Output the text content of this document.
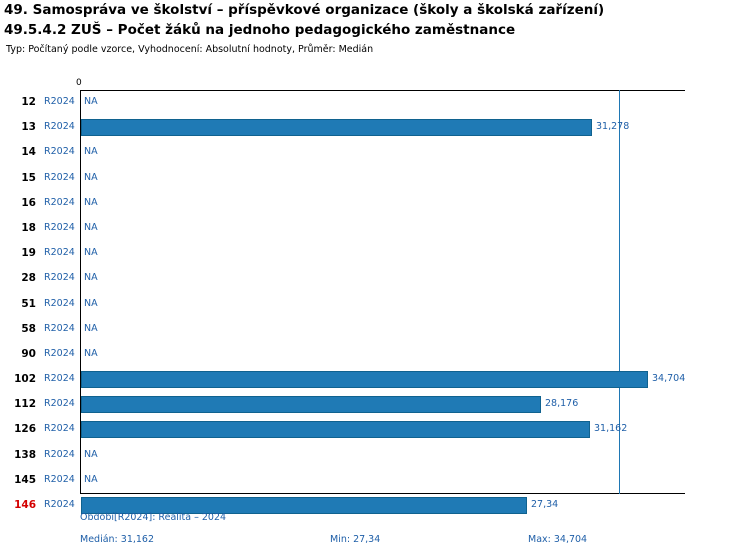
49. Samospráva ve školství – příspěvkové organizace (školy a školská zařízení)
49.5.4.2 ZUŠ – Počet žáků na jednoho pedagogického zaměstnance
Typ: Počítaný podle vzorce, Vyhodnocení: Absolutní hodnoty, Průměr: Medián
0
12 R2024 NA
13 R2024	31,278
14 R2024 NA
15 R2024 NA
16 R2024 NA
18 R2024 NA
19 R2024 NA
28 R2024 NA
51 R2024 NA
58 R2024 NA
90 R2024 NA
102 R2024	34,704
112 R2024	28,176
126 R2024	31,162
138 R2024 NA
145 R2024 NA
146 R2024	27,34
Období[R2024]: Realita – 2024
Medián: 31,162	Min: 27,34	Max: 34,704
